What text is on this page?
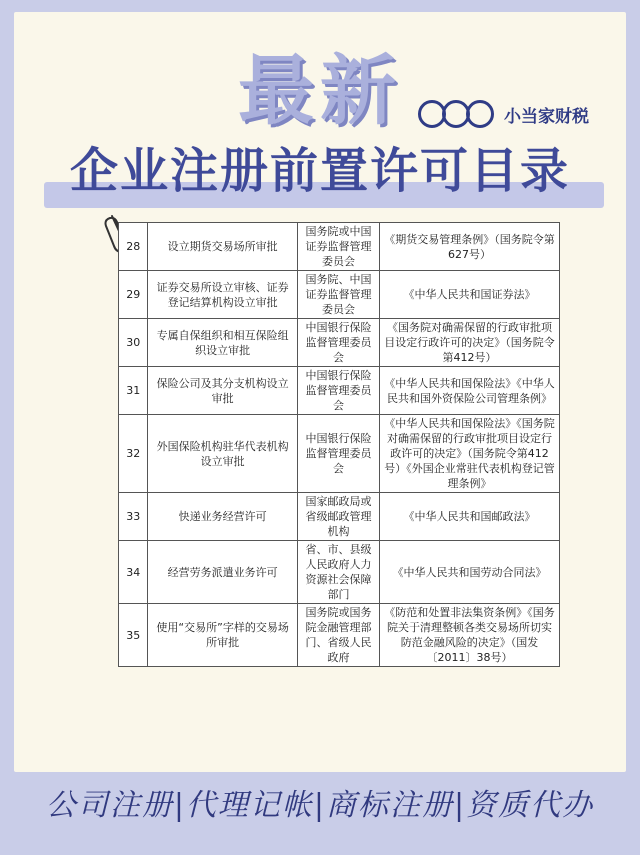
最新	小当家财税
企业注册前置许可目录
28	设立期货交易场所审批	国务院或中国证券监督管理委员会	《期货交易管理条例》（国务院令第627号）
29	证券交易所设立审核、证券登记结算机构设立审批	国务院、中国证券监督管理委员会	《中华人民共和国证券法》
30	专属自保组织和相互保险组织设立审批	中国银行保险监督管理委员会	《国务院对确需保留的行政审批项目设定行政许可的决定》（国务院令第412号）
31	保险公司及其分支机构设立审批	中国银行保险监督管理委员会	《中华人民共和国保险法》《中华人民共和国外资保险公司管理条例》
32	外国保险机构驻华代表机构设立审批	中国银行保险监督管理委员会	《中华人民共和国保险法》《国务院对确需保留的行政审批项目设定行政许可的决定》（国务院令第412号）《外国企业常驻代表机构登记管理条例》
33	快递业务经营许可	国家邮政局或省级邮政管理机构	《中华人民共和国邮政法》
34	经营劳务派遣业务许可	省、市、县级人民政府人力资源社会保障部门	《中华人民共和国劳动合同法》
35	使用“交易所”字样的交易场所审批	国务院或国务院金融管理部门、省级人民政府	《防范和处置非法集资条例》《国务院关于清理整顿各类交易场所切实防范金融风险的决定》（国发〔2011〕38号）
公司注册|代理记帐|商标注册|资质代办
